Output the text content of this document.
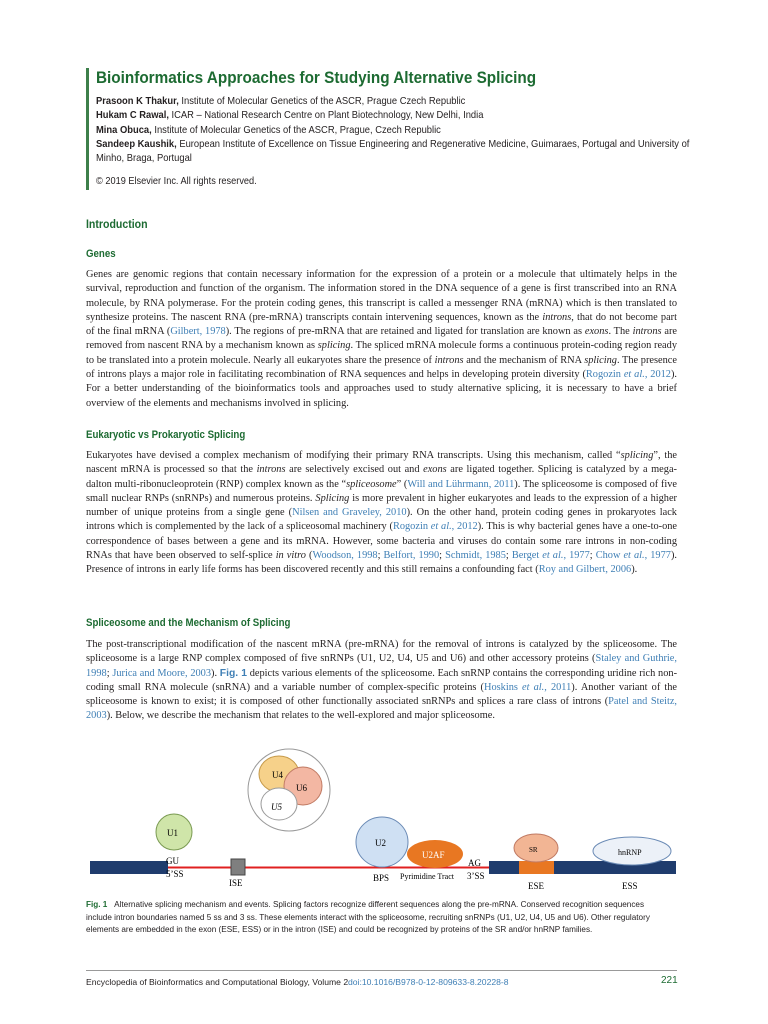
Bioinformatics Approaches for Studying Alternative Splicing
Prasoon K Thakur, Institute of Molecular Genetics of the ASCR, Prague Czech Republic
Hukam C Rawal, ICAR – National Research Centre on Plant Biotechnology, New Delhi, India
Mina Obuca, Institute of Molecular Genetics of the ASCR, Prague, Czech Republic
Sandeep Kaushik, European Institute of Excellence on Tissue Engineering and Regenerative Medicine, Guimaraes, Portugal and University of Minho, Braga, Portugal
© 2019 Elsevier Inc. All rights reserved.
Introduction
Genes
Genes are genomic regions that contain necessary information for the expression of a protein or a molecule that ultimately helps in the survival, reproduction and function of the organism. The information stored in the DNA sequence of a gene is first transcribed into an RNA molecule, by RNA polymerase. For the protein coding genes, this transcript is called a messenger RNA (mRNA) which is then translated to synthesize proteins. The nascent RNA (pre-mRNA) transcripts contain intervening sequences, known as the introns, that do not become part of the final mRNA (Gilbert, 1978). The regions of pre-mRNA that are retained and ligated for translation are known as exons. The introns are removed from nascent RNA by a mechanism known as splicing. The spliced mRNA molecule forms a continuous protein-coding region ready to be translated into a protein molecule. Nearly all eukaryotes share the presence of introns and the mechanism of RNA splicing. The presence of introns plays a major role in facilitating recombination of RNA sequences and helps in developing protein diversity (Rogozin et al., 2012). For a better understanding of the bioinformatics tools and approaches used to study alternative splicing, it is necessary to have a brief overview of the elements and mechanisms involved in splicing.
Eukaryotic vs Prokaryotic Splicing
Eukaryotes have devised a complex mechanism of modifying their primary RNA transcripts. Using this mechanism, called “splicing”, the nascent mRNA is processed so that the introns are selectively excised out and exons are ligated together. Splicing is catalyzed by a mega-dalton multi-ribonucleoprotein (RNP) complex known as the “spliceosome” (Will and Lührmann, 2011). The spliceosome is composed of five small nuclear RNPs (snRNPs) and numerous proteins. Splicing is more prevalent in higher eukaryotes and leads to the expression of a higher number of unique proteins from a single gene (Nilsen and Graveley, 2010). On the other hand, protein coding genes in prokaryotes lack introns which is complemented by the lack of a spliceosomal machinery (Rogozin et al., 2012). This is why bacterial genes have a one-to-one correspondence of bases between a gene and its mRNA. However, some bacteria and viruses do contain some rare introns in non-coding RNAs that have been observed to self-splice in vitro (Woodson, 1998; Belfort, 1990; Schmidt, 1985; Berget et al., 1977; Chow et al., 1977). Presence of introns in early life forms has been discovered recently and this still remains a confounding fact (Roy and Gilbert, 2006).
Spliceosome and the Mechanism of Splicing
The post-transcriptional modification of the nascent mRNA (pre-mRNA) for the removal of introns is catalyzed by the spliceosome. The spliceosome is a large RNP complex composed of five snRNPs (U1, U2, U4, U5 and U6) and other accessory proteins (Staley and Guthrie, 1998; Jurica and Moore, 2003). Fig. 1 depicts various elements of the spliceosome. Each snRNP contains the corresponding uridine rich non-coding small RNA molecule (snRNA) and a variable number of complex-specific proteins (Hoskins et al., 2011). Another variant of the spliceosome is known to exist; it is composed of other functionally associated snRNPs and splices a rare class of introns (Patel and Steitz, 2003). Below, we describe the mechanism that relates to the well-explored and major spliceosome.
U4
U6
U5
U1
U2
U2AF	SR	hnRNP
GU
5’SS
ISE
AG
3’SS
BPS Pyrimidine Tract
ESE	ESS
Fig. 1 Alternative splicing mechanism and events. Splicing factors recognize different sequences along the pre-mRNA. Conserved recognition sequences include intron boundaries named 5 ss and 3 ss. These elements interact with the spliceosome, recruiting snRNPs (U1, U2, U4, U5 and U6). Other regulatory elements are embedded in the exon (ESE, ESS) or in the intron (ISE) and could be recognized by proteins of the SR and/or hnRNP families.
Encyclopedia of Bioinformatics and Computational Biology, Volume 2 doi:10.1016/B978-0-12-809633-8.20228-8	221
